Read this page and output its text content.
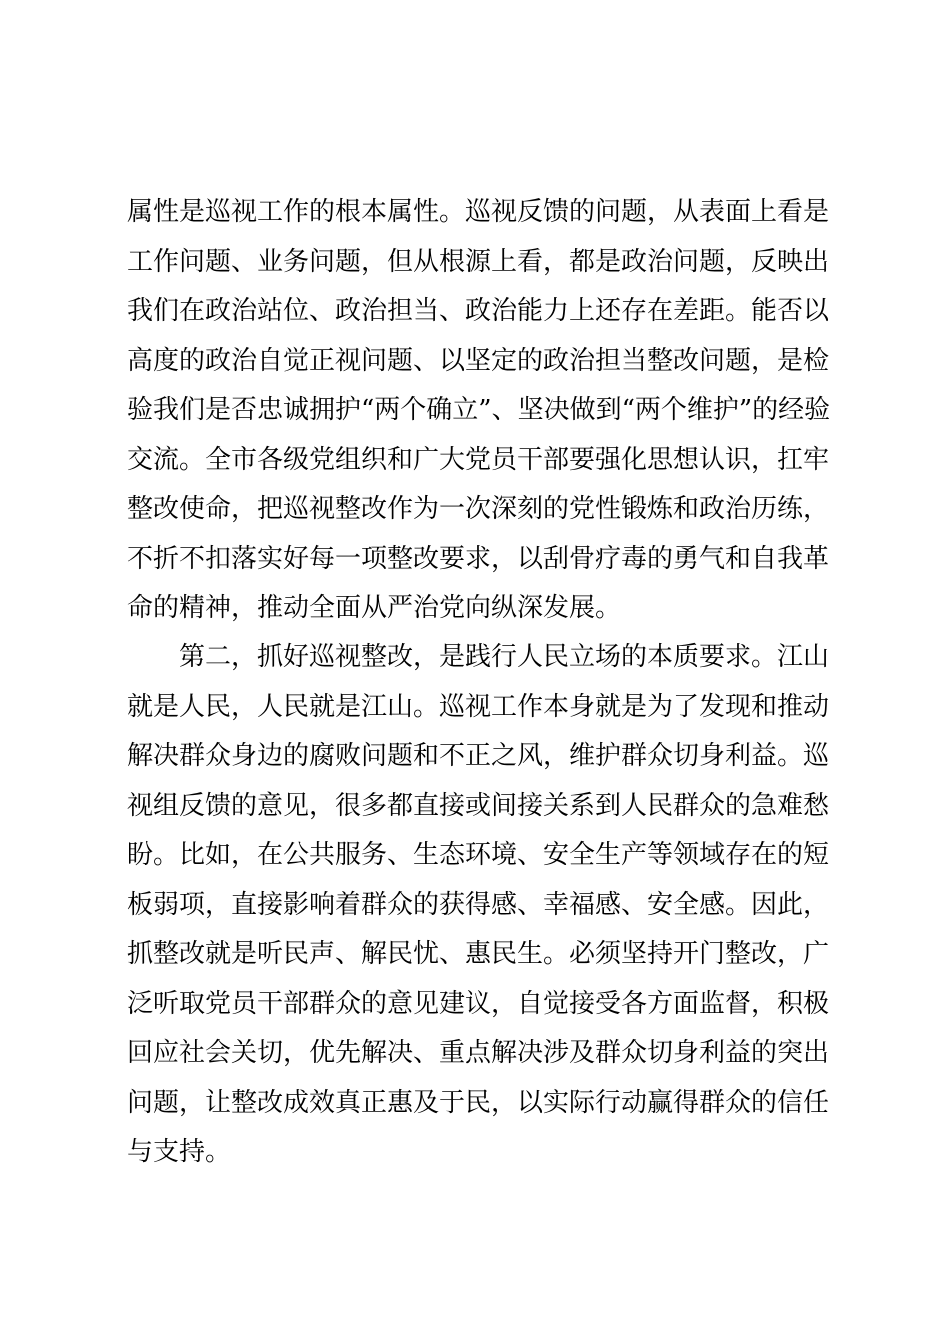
属性是巡视工作的根本属性。巡视反馈的问题，从表面上看是
工作问题、业务问题，但从根源上看，都是政治问题，反映出
我们在政治站位、政治担当、政治能力上还存在差距。能否以
高度的政治自觉正视问题、以坚定的政治担当整改问题，是检
验我们是否忠诚拥护“两个确立”、坚决做到“两个维护”的经验
交流。全市各级党组织和广大党员干部要强化思想认识，扛牢
整改使命，把巡视整改作为一次深刻的党性锻炼和政治历练，
不折不扣落实好每一项整改要求，以刮骨疗毒的勇气和自我革
命的精神，推动全面从严治党向纵深发展。
第二，抓好巡视整改，是践行人民立场的本质要求。江山
就是人民，人民就是江山。巡视工作本身就是为了发现和推动
解决群众身边的腐败问题和不正之风，维护群众切身利益。巡
视组反馈的意见，很多都直接或间接关系到人民群众的急难愁
盼。比如，在公共服务、生态环境、安全生产等领域存在的短
板弱项，直接影响着群众的获得感、幸福感、安全感。因此，
抓整改就是听民声、解民忧、惠民生。必须坚持开门整改，广
泛听取党员干部群众的意见建议，自觉接受各方面监督，积极
回应社会关切，优先解决、重点解决涉及群众切身利益的突出
问题，让整改成效真正惠及于民，以实际行动赢得群众的信任
与支持。
